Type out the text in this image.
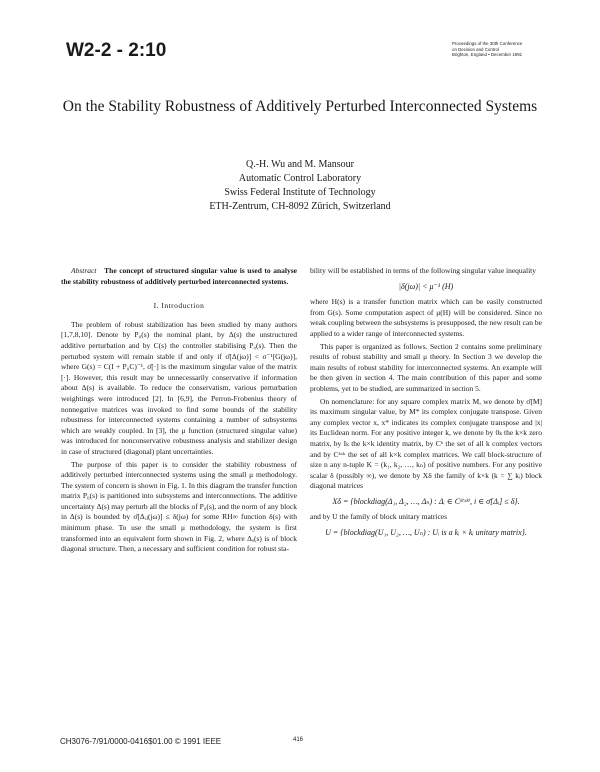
W2-2 - 2:10	Proceedings of the 30th Conference
on Decision and Control
Brighton, England • December 1991
On the Stability Robustness of Additively Perturbed Interconnected Systems
Q.-H. Wu and M. Mansour
Automatic Control Laboratory
Swiss Federal Institute of Technology
ETH-Zentrum, CH-8092 Zürich, Switzerland

Abstract The concept of structured singular value is used to analyse the stability robustness of additively perturbed interconnected systems.

I. Introduction

The problem of robust stabilization has been studied by many authors [1,7,8,10]. Denote by P₀(s) the nominal plant, by Δ(s) the unstructured additive perturbation and by C(s) the controller stabilising P₀(s). Then the perturbed system will remain stable if and only if σ̄[Δ(jω)] < σ⁻¹[G(jω)], where G(s) = C(I + P₀C)⁻¹, σ̄[·] is the maximum singular value of the matrix [·]. However, this result may be unnecessarily conservative if information about Δ(s) is available. To reduce the conservatism, various perturbation weightings were introduced [2]. In [6,9], the Perron-Frobenius theory of nonnegative matrices was invoked to find some bounds of the stability robustness for interconnected systems containing a number of subsystems which are weakly coupled. In [3], the μ function (structured singular value) was introduced for nonconservative robustness analysis and stabilizer design in case of structured (diagonal) plant uncertainties.

The purpose of this paper is to consider the stability robustness of additively perturbed interconnected systems using the small μ methodology. The system of concern is shown in Fig. 1. In this diagram the transfer function matrix P₀(s) is partitioned into subsystems and interconnections. The additive uncertainty Δ(s) may perturb all the blocks of P₀(s), and the norm of any block in Δ(s) is bounded by σ̄[Δᵢⱼ(jω)] ≤ δ(jω) for some RH∞ function δ(s) with minimum phase. To use the small μ methodology, the system is first transformed into an equivalent form shown in Fig. 2, where Δₐ(s) is of block diagonal structure. Then, a necessary and sufficient condition for robust sta-

bility will be established in terms of the following singular value inequality

|δ(jω)| < μ⁻¹ (H)

where H(s) is a transfer function matrix which can be easily constructed from G(s). Some computation aspect of μ(H) will be considered. Since no weak coupling between the subsystems is presupposed, the new result can be applied to a wider range of interconnected systems.

This paper is organized as follows. Section 2 contains some preliminary results of robust stability and small μ theory. In Section 3 we develop the main results of robust stability for interconnected systems. An example will be then given in section 4. The main contribution of this paper and some problems, yet to be studied, are summarized in section 5.

On nomenclature: for any square complex matrix M, we denote by σ̄[M] its maximum singular value, by M* its complex conjugate transpose. Given any complex vector x, x* indicates its complex conjugate transpose and |x| its Euclidean norm. For any positive integer k, we denote by 0ₖ the k×k zero matrix, by Iₖ the k×k identity matrix, by Cᵏ the set of all k complex vectors and by Cᵏˣᵏ the set of all k×k complex matrices. We call block-structure of size n any n-tuple K = (k₁, k₂, …, kₙ) of positive numbers. For any positive scalar δ (possibly ∞), we denote by Xδ the family of k×k (k = ∑ kᵢ) block diagonal matrices

Xδ = {blockdiag(Δ₁, Δ₂, …, Δₙ) : Δᵢ ∈ Cᵏⁱˣᵏⁱ, i ∈ σ̄[Δᵢ] ≤ δ}.

and by U the family of block unitary matrices

U = {blockdiag(U₁, U₂, …, Uₙ) : Uᵢ is a kᵢ × kᵢ unitary matrix}.
CH3076-7/91/0000-0416$01.00 © 1991 IEEE	416
